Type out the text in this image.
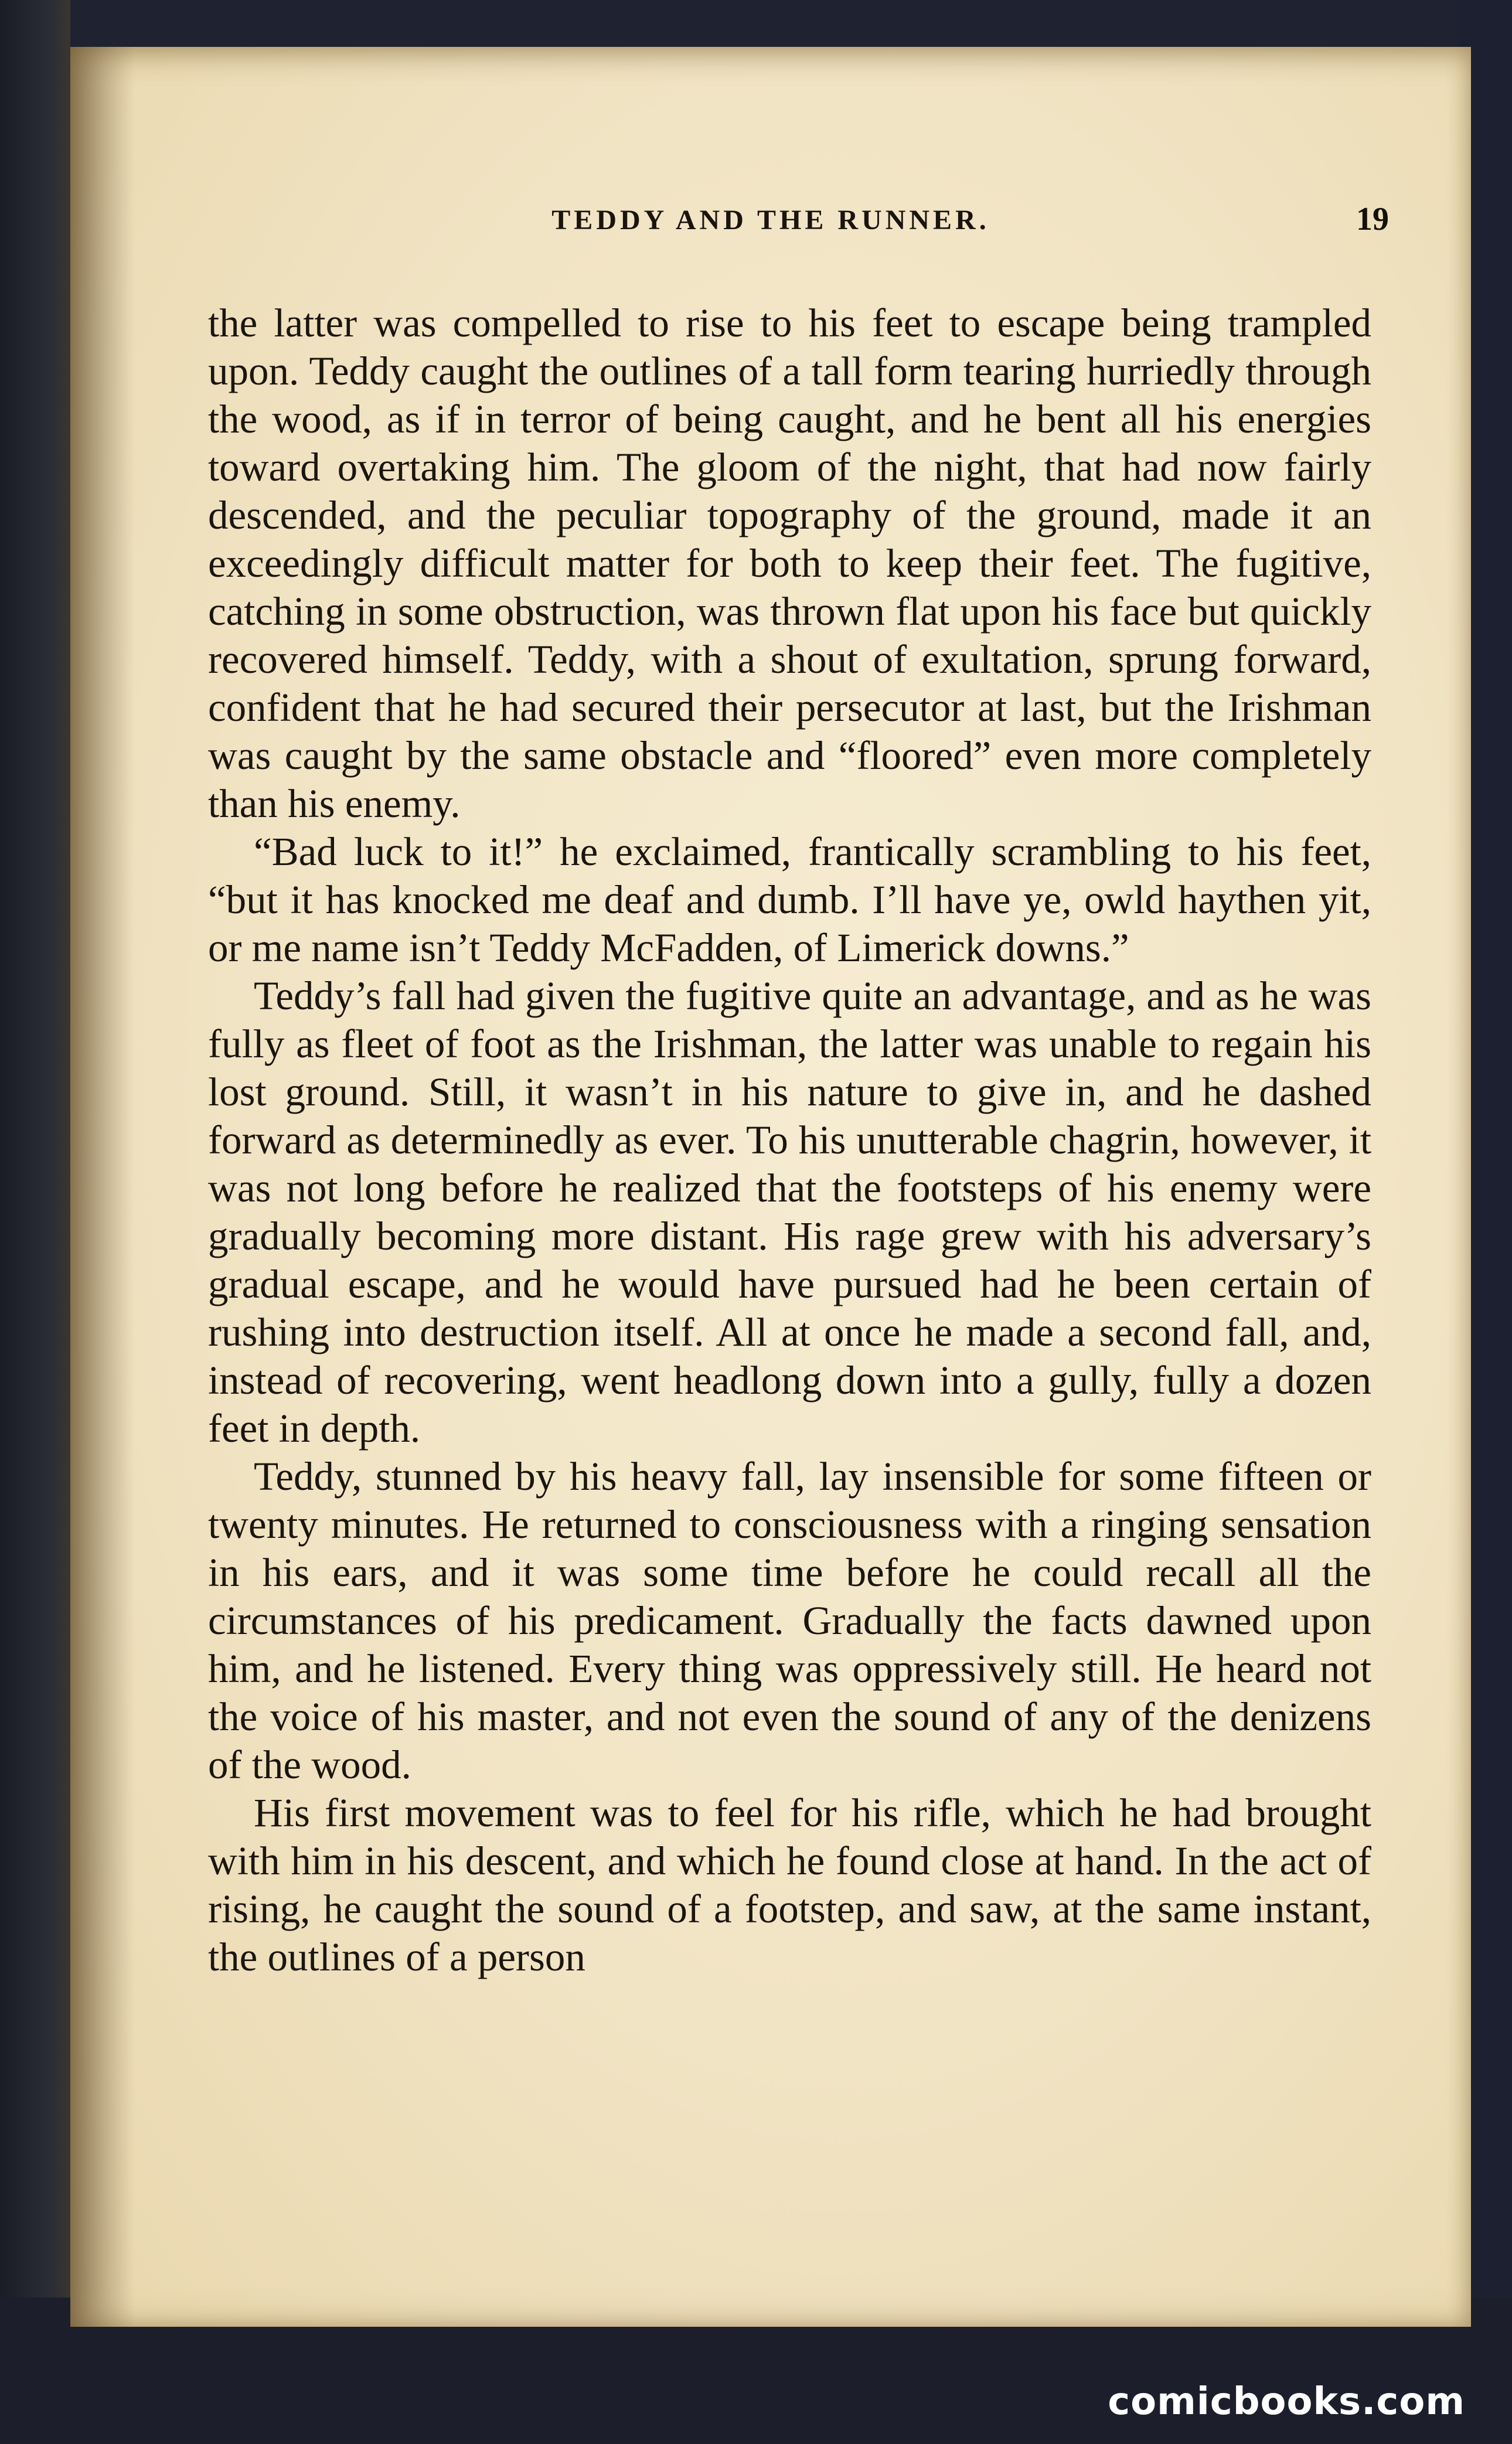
TEDDY AND THE RUNNER.	19

the latter was compelled to rise to his feet to escape being trampled upon. Teddy caught the outlines of a tall form tearing hurriedly through the wood, as if in terror of being caught, and he bent all his energies toward overtaking him. The gloom of the night, that had now fairly descended, and the peculiar topography of the ground, made it an exceedingly difficult matter for both to keep their feet. The fugitive, catching in some obstruction, was thrown flat upon his face but quickly recovered himself. Teddy, with a shout of exultation, sprung forward, confident that he had secured their persecutor at last, but the Irishman was caught by the same obstacle and “floored” even more completely than his enemy.

“Bad luck to it!” he exclaimed, frantically scrambling to his feet, “but it has knocked me deaf and dumb. I’ll have ye, owld haythen yit, or me name isn’t Teddy McFadden, of Limerick downs.”

Teddy’s fall had given the fugitive quite an advantage, and as he was fully as fleet of foot as the Irishman, the latter was unable to regain his lost ground. Still, it wasn’t in his nature to give in, and he dashed forward as determinedly as ever. To his unutterable chagrin, however, it was not long before he realized that the footsteps of his enemy were gradually becoming more distant. His rage grew with his adversary’s gradual escape, and he would have pursued had he been certain of rushing into destruction itself. All at once he made a second fall, and, instead of recovering, went headlong down into a gully, fully a dozen feet in depth.

Teddy, stunned by his heavy fall, lay insensible for some fifteen or twenty minutes. He returned to consciousness with a ringing sensation in his ears, and it was some time before he could recall all the circumstances of his predicament. Gradually the facts dawned upon him, and he listened. Every thing was oppressively still. He heard not the voice of his master, and not even the sound of any of the denizens of the wood.

His first movement was to feel for his rifle, which he had brought with him in his descent, and which he found close at hand. In the act of rising, he caught the sound of a footstep, and saw, at the same instant, the outlines of a person

comicbooks.com
